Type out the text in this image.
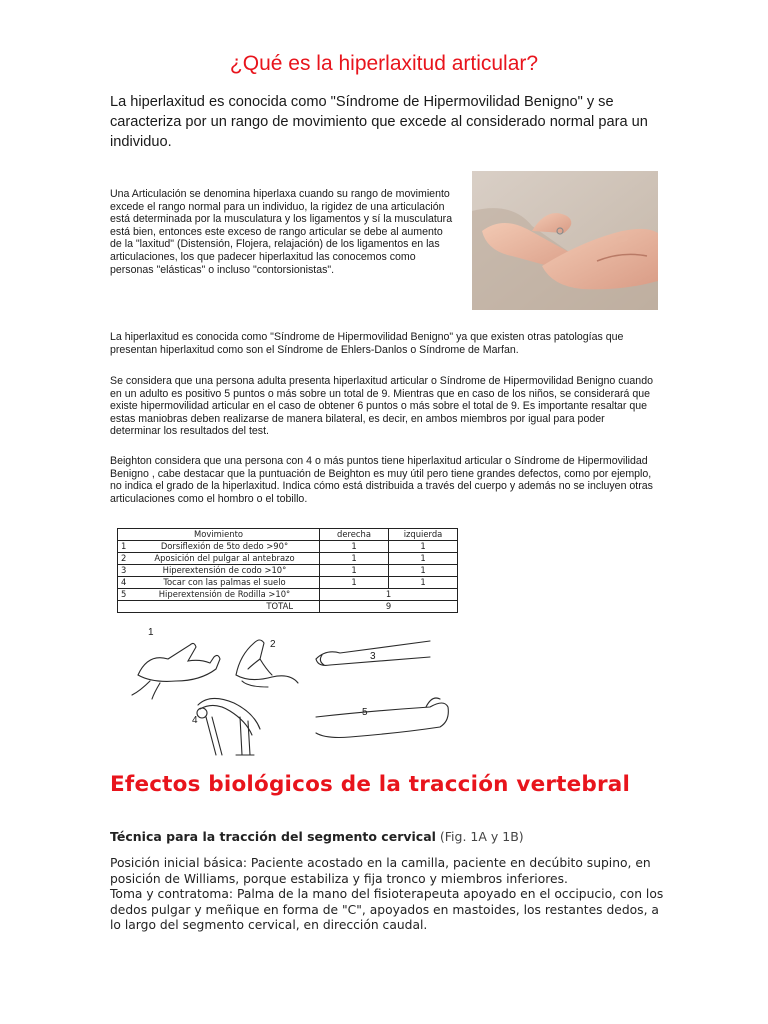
¿Qué es la hiperlaxitud articular?
La hiperlaxitud es conocida como "Síndrome de Hipermovilidad Benigno" y se caracteriza por un rango de movimiento que excede al considerado normal para un individuo.
Una Articulación se denomina hiperlaxa cuando su rango de movimiento excede el rango normal para un individuo, la rigidez de una articulación está determinada por la musculatura y los ligamentos y sí la musculatura está bien, entonces este exceso de rango articular se debe al aumento de la "laxitud" (Distensión, Flojera, relajación) de los ligamentos en las articulaciones, los que padecer hiperlaxitud las conocemos como personas "elásticas" o incluso "contorsionistas".
La hiperlaxitud es conocida como "Síndrome de Hipermovilidad Benigno" ya que existen otras patologías que presentan hiperlaxitud como son el Síndrome de Ehlers-Danlos o Síndrome de Marfan.
Se considera que una persona adulta presenta hiperlaxitud articular o Síndrome de Hipermovilidad Benigno cuando en un adulto es positivo 5 puntos o más sobre un total de 9. Mientras que en caso de los niños, se considerará que existe hipermovilidad articular en el caso de obtener 6 puntos o más sobre el total de 9. Es importante resaltar que estas maniobras deben realizarse de manera bilateral, es decir, en ambos miembros por igual para poder determinar los resultados del test.
Beighton considera que una persona con 4 o más puntos tiene hiperlaxitud articular o Síndrome de Hipermovilidad Benigno , cabe destacar que la puntuación de Beighton es muy útil pero tiene grandes defectos, como por ejemplo, no indica el grado de la hiperlaxitud. Indica cómo está distribuida a través del cuerpo y además no se incluyen otras articulaciones como el hombro o el tobillo.
Movimiento		derecha	izquierda
1	Dorsiflexión de 5to dedo >90°	1	1
2	Aposición del pulgar al antebrazo	1	1
3	Hiperextensión de codo >10°	1	1
4	Tocar con las palmas el suelo	1	1
5	Hiperextensión de Rodilla >10°	1	
TOTAL		9	
1
2
3
4
5
Efectos biológicos de la tracción vertebral
Técnica para la tracción del segmento cervical (Fig. 1A y 1B)

Posición inicial básica: Paciente acostado en la camilla, paciente en decúbito supino, en posición de Williams, porque estabiliza y fija tronco y miembros inferiores.

Toma y contratoma: Palma de la mano del fisioterapeuta apoyado en el occipucio, con los dedos pulgar y meñique en forma de "C", apoyados en mastoides, los restantes dedos, a lo largo del segmento cervical, en dirección caudal.
